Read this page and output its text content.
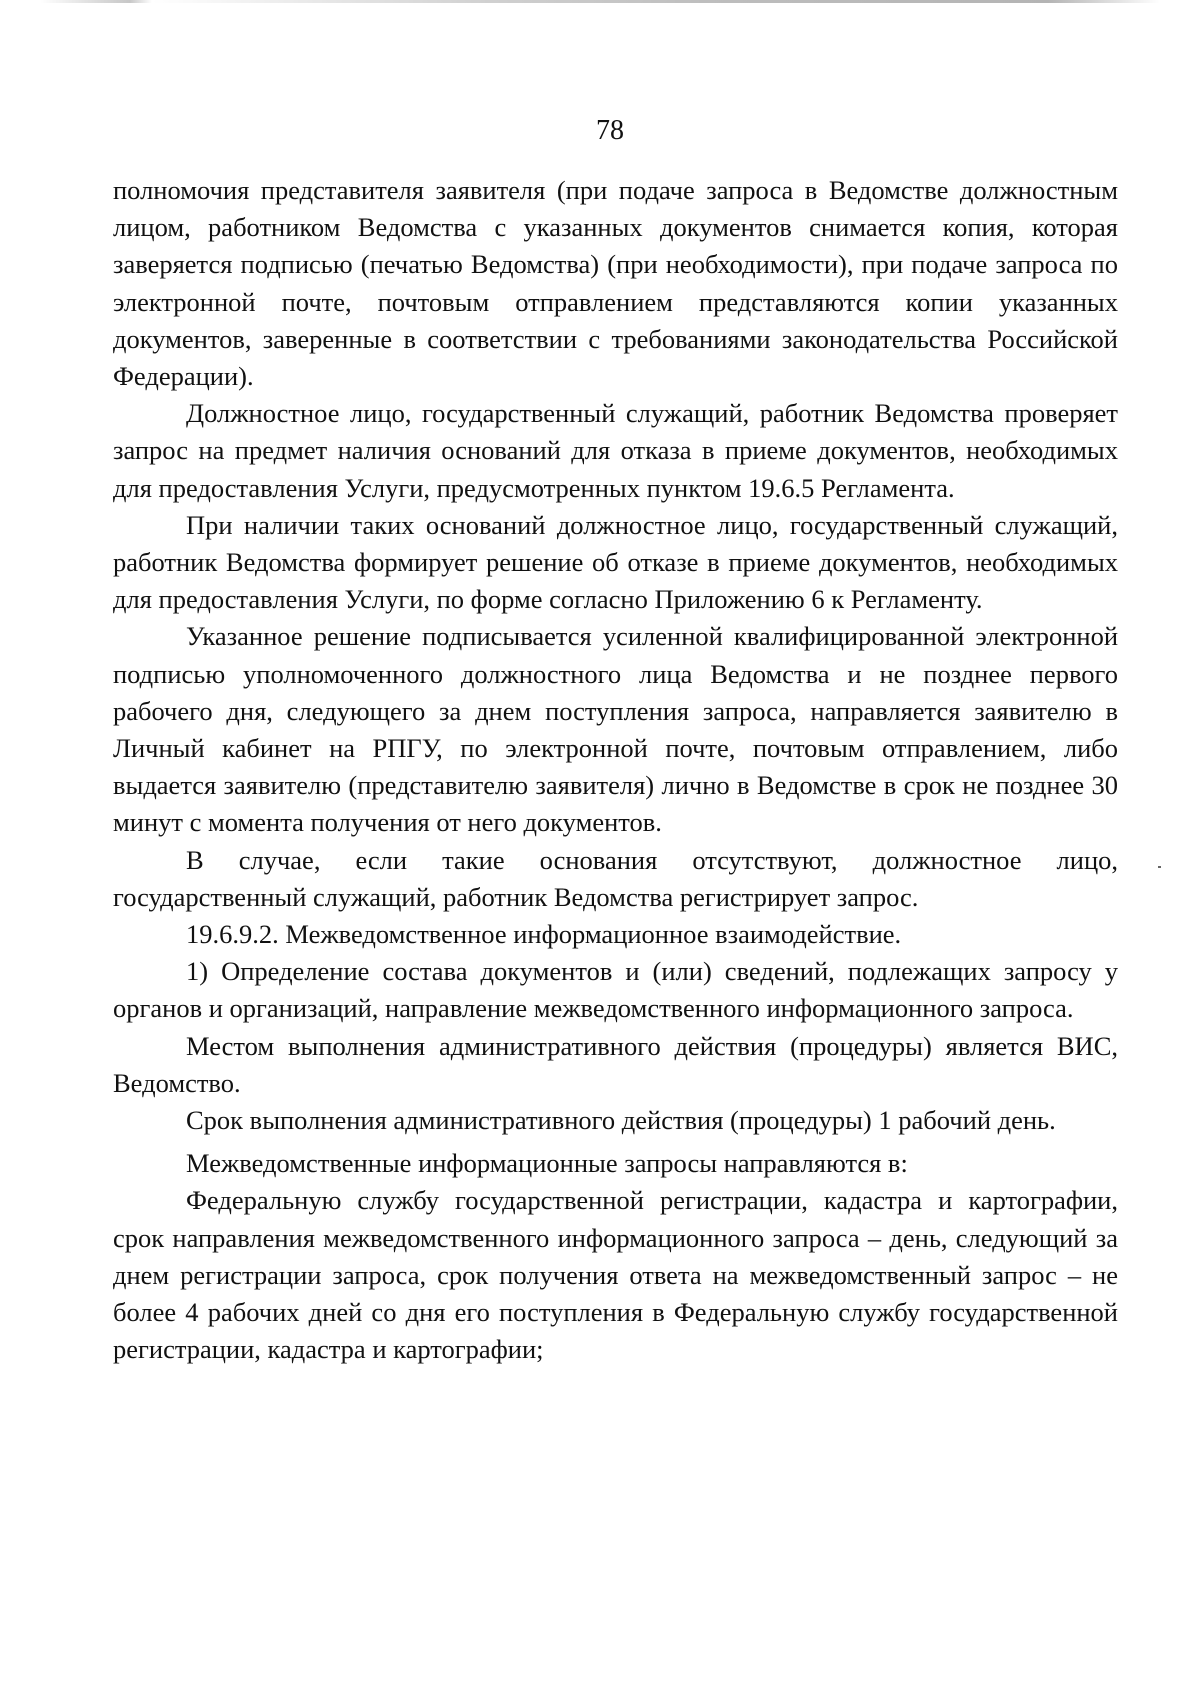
78

полномочия представителя заявителя (при подаче запроса в Ведомстве должностным лицом, работником Ведомства с указанных документов снимается копия, которая заверяется подписью (печатью Ведомства) (при необходимости), при подаче запроса по электронной почте, почтовым отправлением представляются копии указанных документов, заверенные в соответствии с требованиями законодательства Российской Федерации).

Должностное лицо, государственный служащий, работник Ведомства проверяет запрос на предмет наличия оснований для отказа в приеме документов, необходимых для предоставления Услуги, предусмотренных пунктом 19.6.5 Регламента.

При наличии таких оснований должностное лицо, государственный служащий, работник Ведомства формирует решение об отказе в приеме документов, необходимых для предоставления Услуги, по форме согласно Приложению 6 к Регламенту.

Указанное решение подписывается усиленной квалифицированной электронной подписью уполномоченного должностного лица Ведомства и не позднее первого рабочего дня, следующего за днем поступления запроса, направляется заявителю в Личный кабинет на РПГУ, по электронной почте, почтовым отправлением, либо выдается заявителю (представителю заявителя) лично в Ведомстве в срок не позднее 30 минут с момента получения от него документов.

В случае, если такие основания отсутствуют, должностное лицо, государственный служащий, работник Ведомства регистрирует запрос.

19.6.9.2. Межведомственное информационное взаимодействие.

1) Определение состава документов и (или) сведений, подлежащих запросу у органов и организаций, направление межведомственного информационного запроса.

Местом выполнения административного действия (процедуры) является ВИС, Ведомство.

Срок выполнения административного действия (процедуры) 1 рабочий день.

Межведомственные информационные запросы направляются в:

Федеральную службу государственной регистрации, кадастра и картографии, срок направления межведомственного информационного запроса – день, следующий за днем регистрации запроса, срок получения ответа на межведомственный запрос – не более 4 рабочих дней со дня его поступления в Федеральную службу государственной регистрации, кадастра и картографии;
